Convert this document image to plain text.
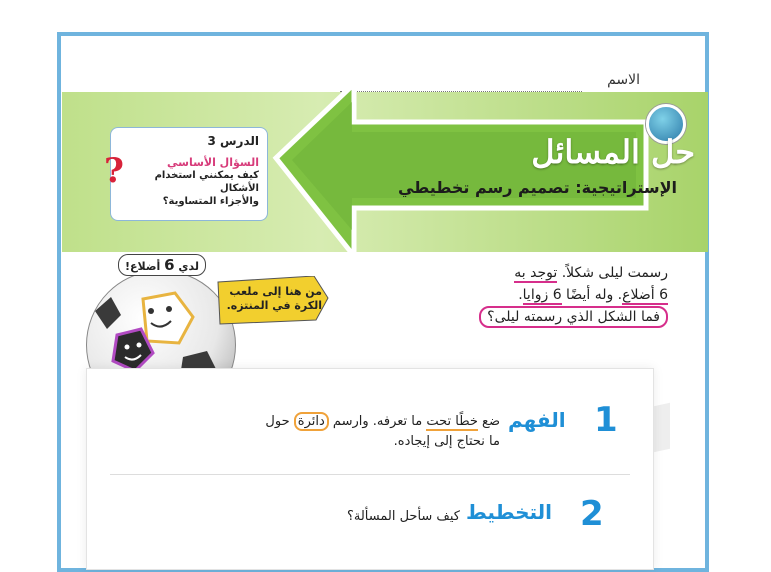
الاسم
حل المسائل
الإستراتيجية: تصميم رسم تخطيطي
الدرس 3
السؤال الأساسي
كيف يمكنني استخدام الأشكال
والأجزاء المتساوية؟
?
رسمت ليلى شكلاً. توجد به
6 أضلاع. وله أيضًا 6 زوايا.
فما الشكل الذي رسمته ليلى؟
من هنا إلى ملعب الكرة في المنتزه.
لدي 6 أضلاع!
1
الفهم
ضع خطًا تحت ما تعرفه. وارسم دائرة حول
ما نحتاج إلى إيجاده.
2
التخطيط
كيف سأحل المسألة؟
